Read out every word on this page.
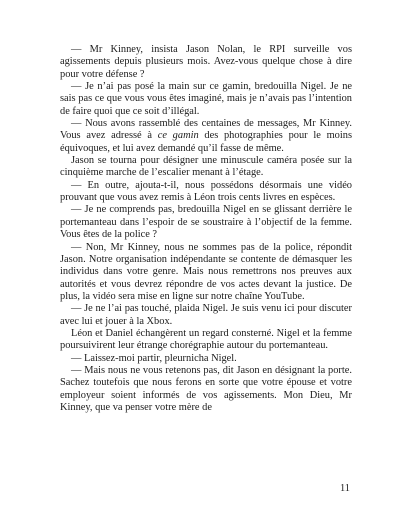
— Mr Kinney, insista Jason Nolan, le RPI surveille vos agissements depuis plusieurs mois. Avez-vous quelque chose à dire pour votre défense ?

— Je n’ai pas posé la main sur ce gamin, bredouilla Nigel. Je ne sais pas ce que vous vous êtes imaginé, mais je n’avais pas l’intention de faire quoi que ce soit d’illégal.

— Nous avons rassemblé des centaines de messages, Mr Kinney. Vous avez adressé à ce gamin des photographies pour le moins équivoques, et lui avez demandé qu’il fasse de même.

Jason se tourna pour désigner une minuscule caméra posée sur la cinquième marche de l’escalier menant à l’étage.

— En outre, ajouta-t-il, nous possédons désormais une vidéo prouvant que vous avez remis à Léon trois cents livres en espèces.

— Je ne comprends pas, bredouilla Nigel en se glissant derrière le portemanteau dans l’espoir de se soustraire à l’objectif de la femme. Vous êtes de la police ?

— Non, Mr Kinney, nous ne sommes pas de la police, répondit Jason. Notre organisation indépendante se contente de démasquer les individus dans votre genre. Mais nous remettrons nos preuves aux autorités et vous devrez répondre de vos actes devant la justice. De plus, la vidéo sera mise en ligne sur notre chaîne YouTube.

— Je ne l’ai pas touché, plaida Nigel. Je suis venu ici pour discuter avec lui et jouer à la Xbox.

Léon et Daniel échangèrent un regard consterné. Nigel et la femme poursuivirent leur étrange chorégraphie autour du portemanteau.

— Laissez-moi partir, pleurnicha Nigel.

— Mais nous ne vous retenons pas, dit Jason en désignant la porte. Sachez toutefois que nous ferons en sorte que votre épouse et votre employeur soient informés de vos agissements. Mon Dieu, Mr Kinney, que va penser votre mère de

11
